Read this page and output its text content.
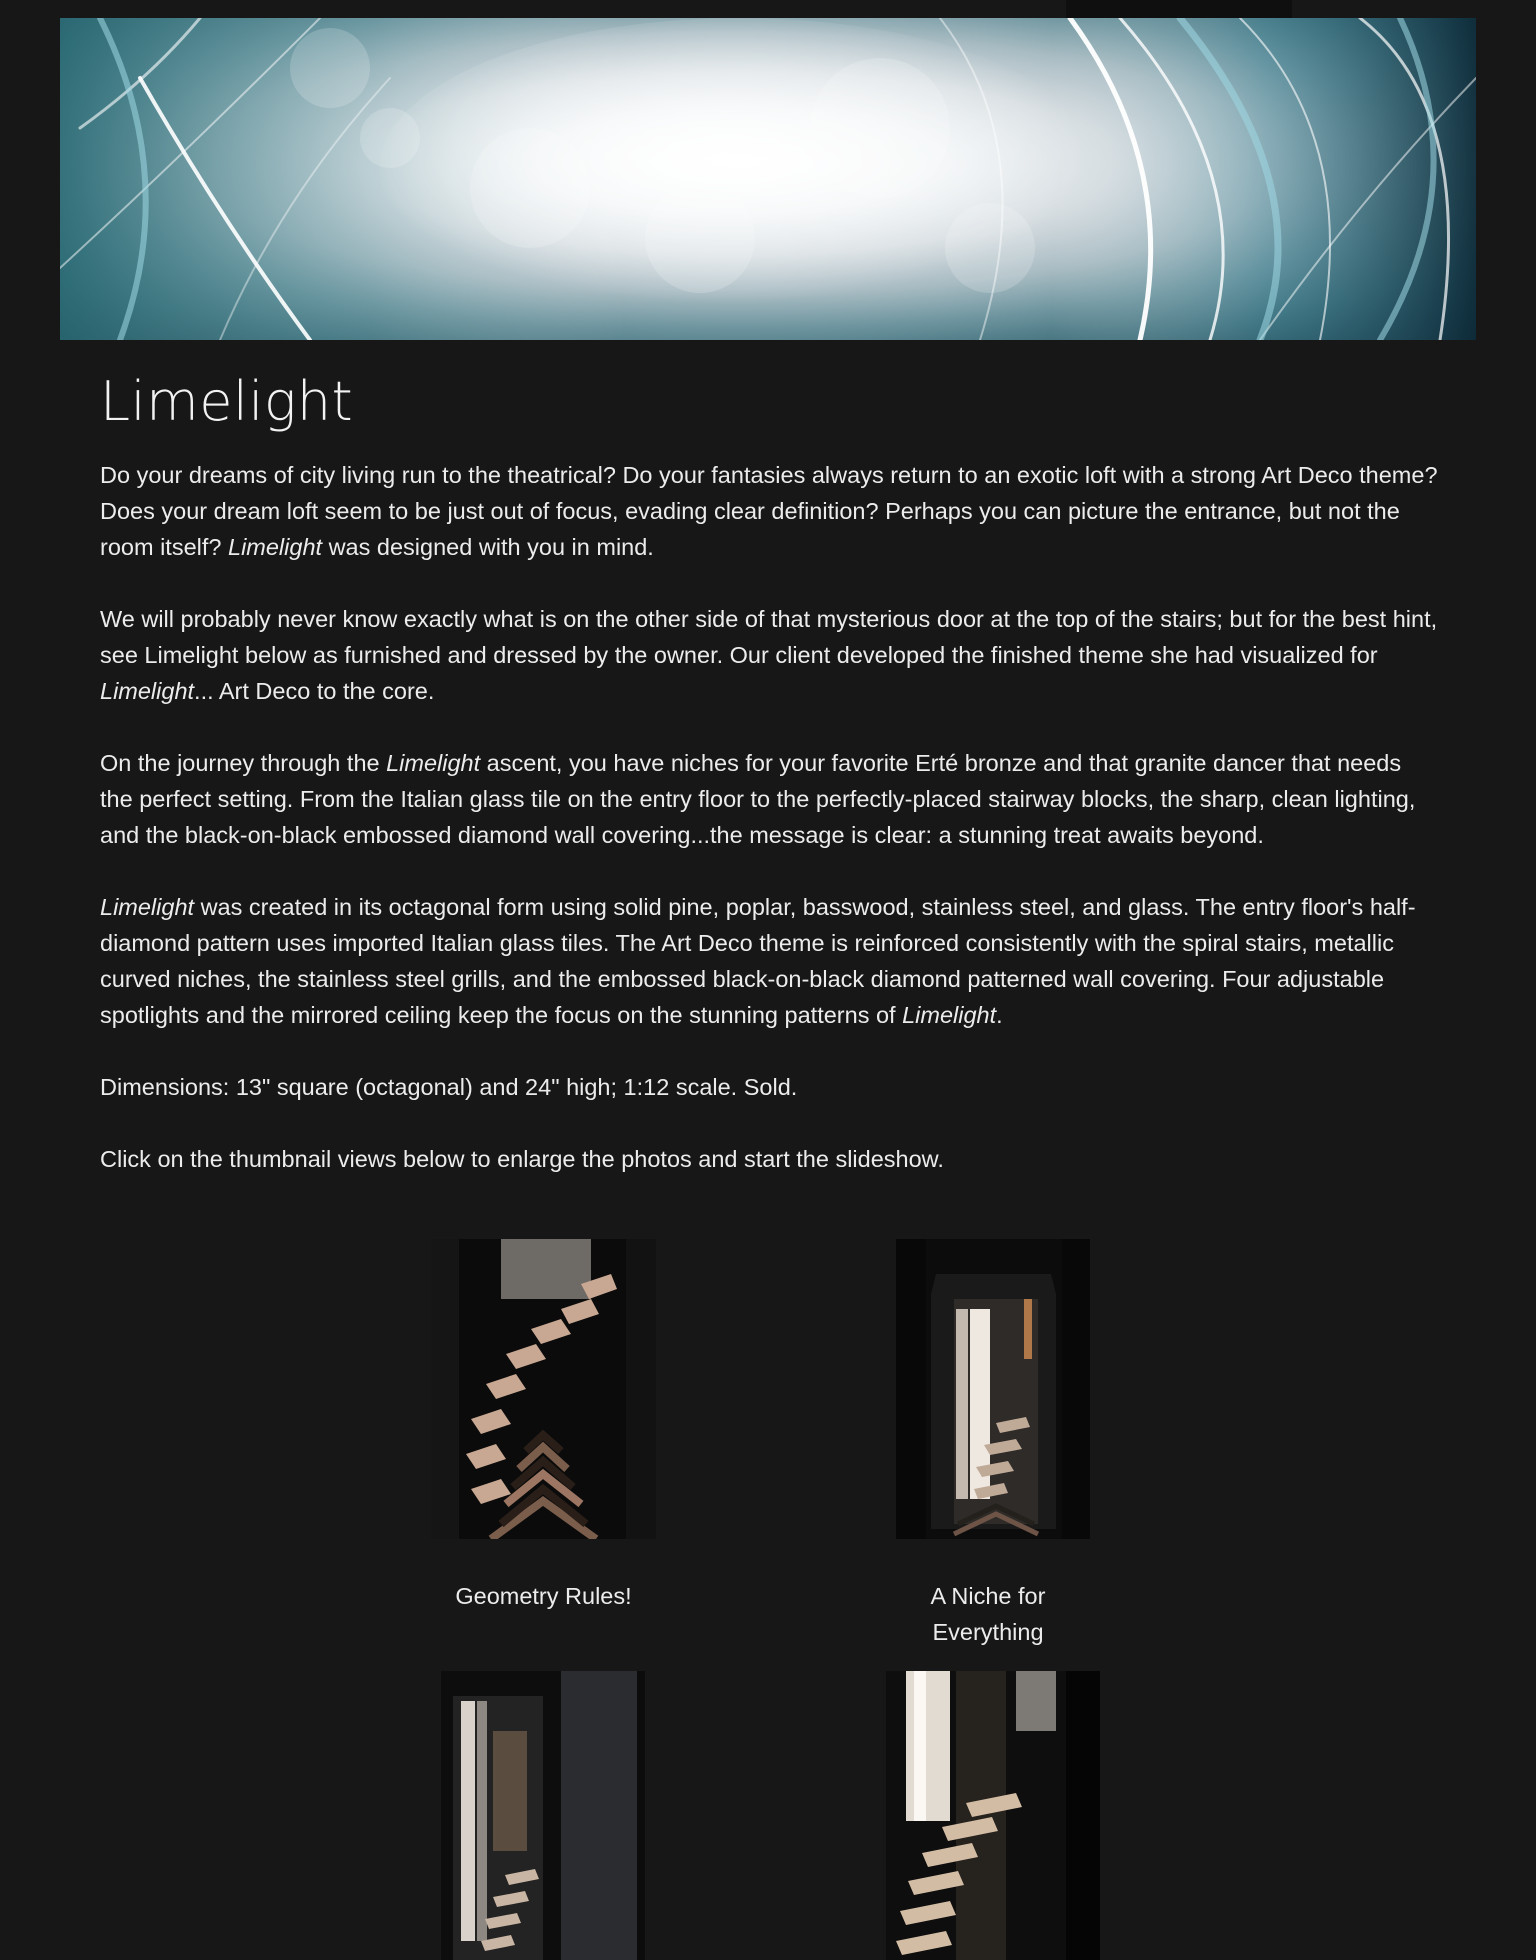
Limelight

Do your dreams of city living run to the theatrical? Do your fantasies always return to an exotic loft with a strong Art Deco theme? Does your dream loft seem to be just out of focus, evading clear definition? Perhaps you can picture the entrance, but not the room itself? Limelight was designed with you in mind.

We will probably never know exactly what is on the other side of that mysterious door at the top of the stairs; but for the best hint, see Limelight below as furnished and dressed by the owner. Our client developed the finished theme she had visualized for Limelight... Art Deco to the core.

On the journey through the Limelight ascent, you have niches for your favorite Erté bronze and that granite dancer that needs the perfect setting. From the Italian glass tile on the entry floor to the perfectly-placed stairway blocks, the sharp, clean lighting, and the black-on-black embossed diamond wall covering...the message is clear: a stunning treat awaits beyond.

Limelight was created in its octagonal form using solid pine, poplar, basswood, stainless steel, and glass. The entry floor's half-diamond pattern uses imported Italian glass tiles. The Art Deco theme is reinforced consistently with the spiral stairs, metallic curved niches, the stainless steel grills, and the embossed black-on-black diamond patterned wall covering. Four adjustable spotlights and the mirrored ceiling keep the focus on the stunning patterns of Limelight.

Dimensions: 13" square (octagonal) and 24" high; 1:12 scale. Sold.

Click on the thumbnail views below to enlarge the photos and start the slideshow.

Geometry Rules!	A Niche for Everything
